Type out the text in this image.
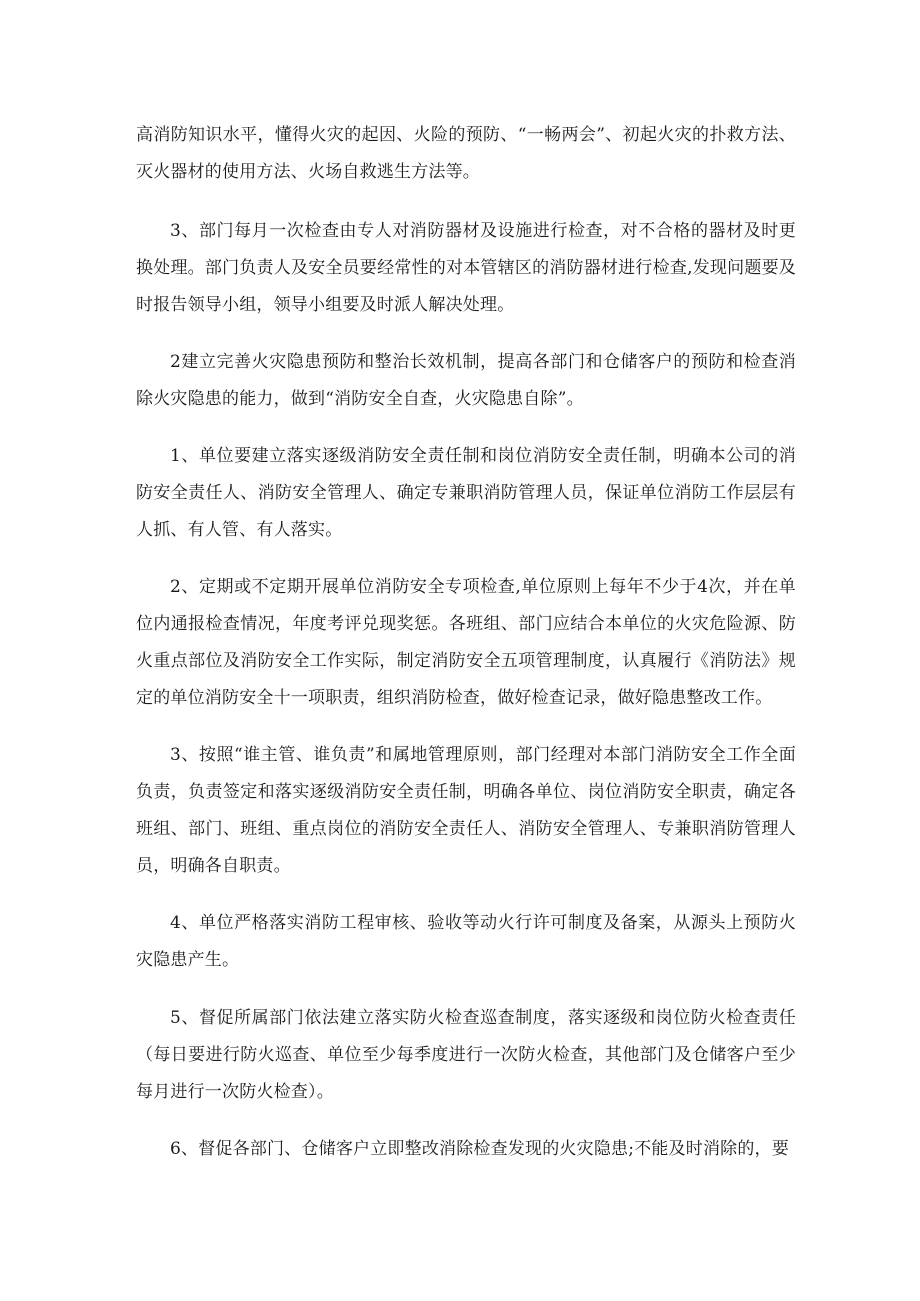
高消防知识水平，懂得火灾的起因、火险的预防、“一畅两会”、初起火灾的扑救方法、灭火器材的使用方法、火场自救逃生方法等。

3、部门每月一次检查由专人对消防器材及设施进行检查，对不合格的器材及时更换处理。部门负责人及安全员要经常性的对本管辖区的消防器材进行检查,发现问题要及时报告领导小组，领导小组要及时派人解决处理。

2建立完善火灾隐患预防和整治长效机制，提高各部门和仓储客户的预防和检查消除火灾隐患的能力，做到“消防安全自查，火灾隐患自除”。

1、单位要建立落实逐级消防安全责任制和岗位消防安全责任制，明确本公司的消防安全责任人、消防安全管理人、确定专兼职消防管理人员，保证单位消防工作层层有人抓、有人管、有人落实。

2、定期或不定期开展单位消防安全专项检查,单位原则上每年不少于4次，并在单位内通报检查情况，年度考评兑现奖惩。各班组、部门应结合本单位的火灾危险源、防火重点部位及消防安全工作实际，制定消防安全五项管理制度，认真履行《消防法》规定的单位消防安全十一项职责，组织消防检查，做好检查记录，做好隐患整改工作。

3、按照“谁主管、谁负责”和属地管理原则，部门经理对本部门消防安全工作全面负责，负责签定和落实逐级消防安全责任制，明确各单位、岗位消防安全职责，确定各班组、部门、班组、重点岗位的消防安全责任人、消防安全管理人、专兼职消防管理人员，明确各自职责。

4、单位严格落实消防工程审核、验收等动火行许可制度及备案，从源头上预防火灾隐患产生。

5、督促所属部门依法建立落实防火检查巡查制度，落实逐级和岗位防火检查责任（每日要进行防火巡查、单位至少每季度进行一次防火检查，其他部门及仓储客户至少每月进行一次防火检查）。

6、督促各部门、仓储客户立即整改消除检查发现的火灾隐患;不能及时消除的，要
